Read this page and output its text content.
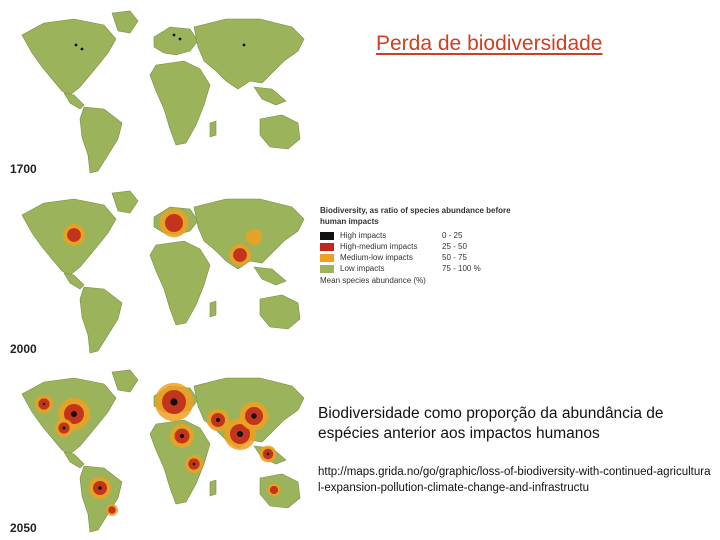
1700
2000
2050
Perda de biodiversidade
Biodiversity, as ratio of species abundance before human impacts
High impacts	0 - 25
High-medium impacts	25 - 50
Medium-low impacts	50 - 75
Low impacts	75 - 100 %
Mean species abundance (%)
Biodiversidade como proporção da abundância de espécies anterior aos impactos humanos
http://maps.grida.no/go/graphic/loss-of-biodiversity-with-continued-agricultural-expansion-pollution-climate-change-and-infrastructu
